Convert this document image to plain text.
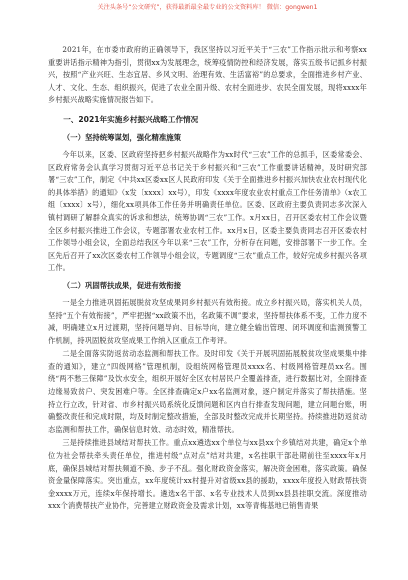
关注头条号“公文研究”，获得最新最全最专业的公文资料库！ 微信：gongwen1

2021年，在市委市政府的正确领导下，我区坚持以习近平关于“三农”工作指示批示和考察xx重要讲话指示精神为指引，贯彻xx为发展理念，统筹疫情防控和经济发展，落实五级书记抓乡村振兴，按照“产业兴旺、生态宜居、乡风文明、治理有效、生活富裕”的总要求，全面推进乡村产业、人才、文化、生态、组织振兴，促进了农业全面升级、农村全面进步、农民全面发展，现将xxxx年乡村振兴战略实施情况报告如下。

一、2021年实施乡村振兴战略工作情况
（一）坚持统筹谋划，强化精准施策

今年以来，区委、区政府坚持把乡村振兴战略作为xx时代“三农”工作的总抓手，区委常委会、区政府常务会认真学习贯彻习近平总书记关于乡村振兴和“三农”工作重要讲话精神，及时研究部署“三农”工作，制定《中共xx区委xx区人民政府印发《关于全面推进乡村振兴加快农业农村现代化的具体举措》的通知》（x发〔xxxx〕xx号），印发《xxxx年度农业农村重点工作任务清单》（x农工组〔xxxx〕x号），细化xx项具体工作任务并明确责任单位。区委、区政府主要负责同志多次深入镇村调研了解群众真实的诉求和想法，统筹协调“三农”工作。x月xx日，召开区委农村工作会议暨全区乡村振兴推进工作会议，专题部署农业农村工作。xx月x日，区委主要负责同志召开区委农村工作领导小组会议，全面总结我区今年以来“三农”工作，分析存在问题，安排部署下一步工作。全区先后召开了xx次区委农村工作领导小组会议，专题调度“三农”重点工作，较好完成乡村振兴各项工作。

（二）巩固帮扶成果，促进有效衔接

一是全力推进巩固拓展脱贫攻坚成果同乡村振兴有效衔接。成立乡村振兴局，落实机关人员，坚持“五个有效衔接”，严牢把握“xx政策不出，名政策不调”要求，坚持帮扶体系不变，工作力度不减，明确建立x月过渡期，坚持问题导向、目标导向，建立健全输出管理、闭环调度和监测预警工作机制，持巩固脱贫攻坚成果工作纳入区重点工作考评。

二是全面落实防返贫动态监测和帮扶工作。及时印发《关于开展巩固拓展脱贫攻坚成果集中排查的通知》，建立“四级网格”管理机制，设组统网格管理员xxxx名、村级网格管理员xx名。围绕“两不愁三保障”及饮水安全，组织开展好全区农村居民户全覆盖排查，进行数据比对，全面排查边缘易致贫户、突发困难户等。全区排查确定x户xx名监测对象，逐户制定并落实了帮扶措施。坚持立行立改，针对省、市乡村振兴局系统化反馈问题和区内自行排查发现问题，建立问题台账，明确整改责任和完成时限，均及时制定整改措施，全部及时整改完成并长期坚持。持续推进防返贫动态监测和帮扶工作，确保信息时效、动态时效，精准帮扶。

三是持续推进县域结对帮扶工作。重点xx遴选xx个单位与xx县xx个乡镇结对共建，确定x个单位为社会帮扶牵头责任单位，推进村级“点对点”结对共建，x名挂职干部赴期前往至xxxx年x月底，确保县城结对帮扶频道不换、步子不乱。强化财政资金落实，解决资金困难，落实政策。确保资金量保障落实。突出重点，xx年度统计xx村提升对省级xx县的援助，xxxx年度投入财政帮扶资金xxxx万元，连续x年保持增长。遴选x名干部、x名专业技术人员到xx县县挂职交流。深度推动xxx个消费帮扶产业协作，完善建立财政资金及需求计划，xx等青梅基地已销售青果
